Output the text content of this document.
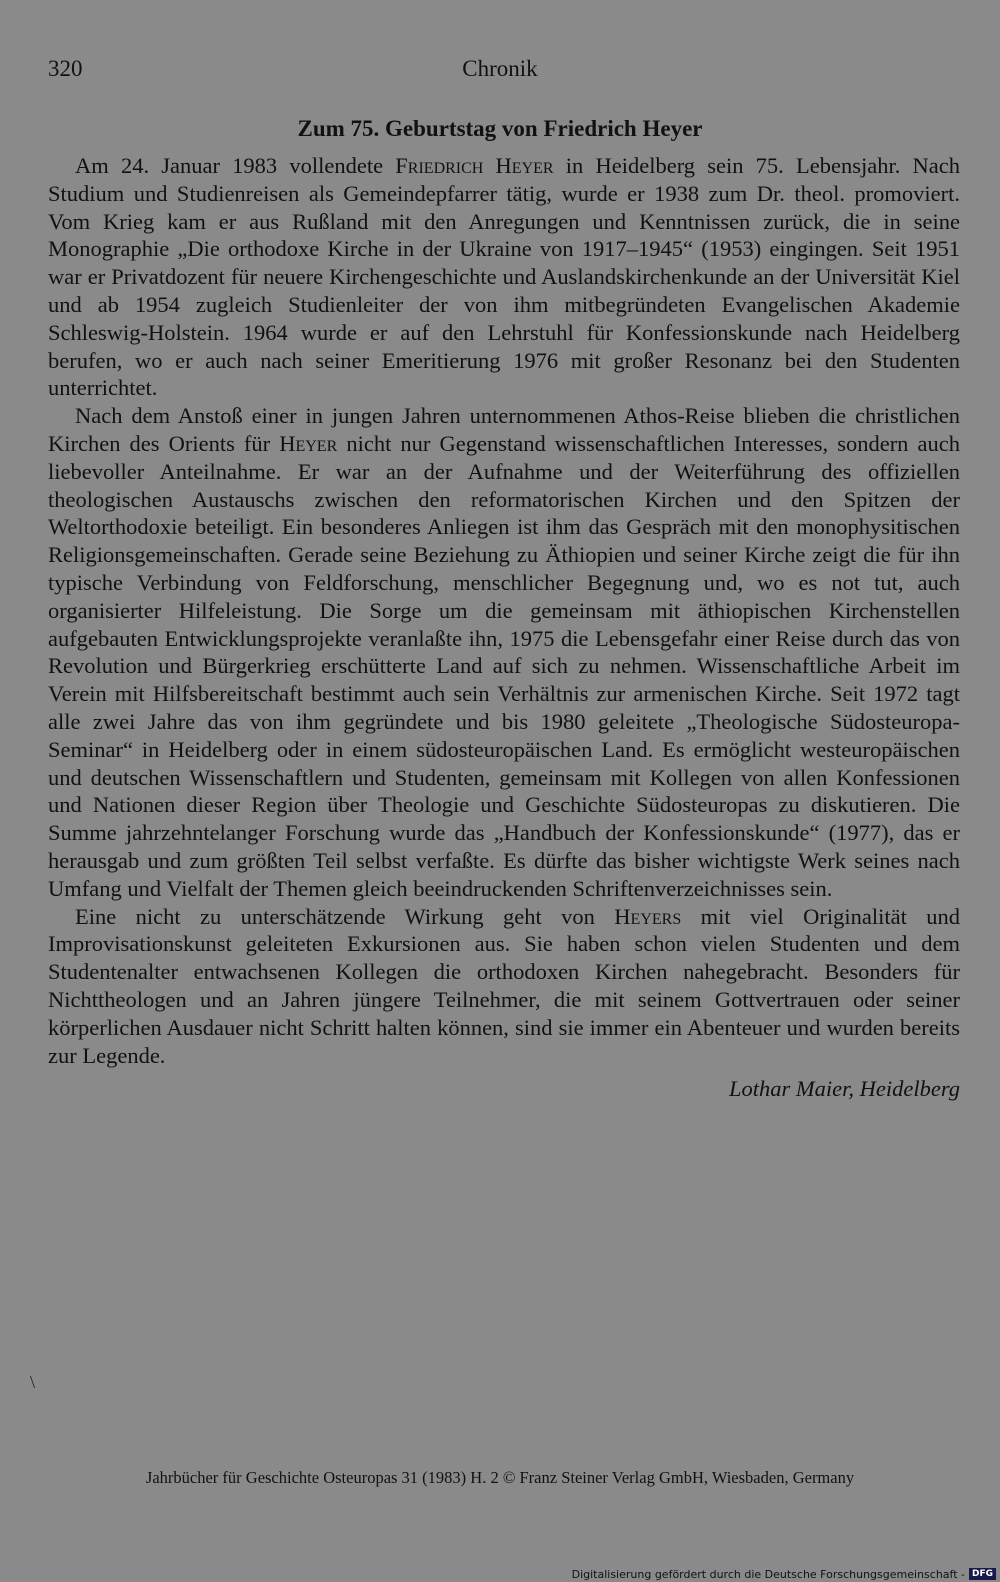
320	Chronik
Zum 75. Geburtstag von Friedrich Heyer

Am 24. Januar 1983 vollendete Friedrich Heyer in Heidelberg sein 75. Lebensjahr. Nach Studium und Studienreisen als Gemeindepfarrer tätig, wurde er 1938 zum Dr. theol. promoviert. Vom Krieg kam er aus Rußland mit den Anregungen und Kenntnissen zurück, die in seine Monographie „Die orthodoxe Kirche in der Ukraine von 1917–1945“ (1953) eingingen. Seit 1951 war er Privatdozent für neuere Kirchengeschichte und Auslandskirchenkunde an der Universität Kiel und ab 1954 zugleich Studienleiter der von ihm mitbegründeten Evangelischen Akademie Schleswig-Holstein. 1964 wurde er auf den Lehrstuhl für Konfessionskunde nach Heidelberg berufen, wo er auch nach seiner Emeritierung 1976 mit großer Resonanz bei den Studenten unterrichtet.

Nach dem Anstoß einer in jungen Jahren unternommenen Athos-Reise blieben die christlichen Kirchen des Orients für Heyer nicht nur Gegenstand wissenschaftlichen Interesses, sondern auch liebevoller Anteilnahme. Er war an der Aufnahme und der Weiterführung des offiziellen theologischen Austauschs zwischen den reformatorischen Kirchen und den Spitzen der Weltorthodoxie beteiligt. Ein besonderes Anliegen ist ihm das Gespräch mit den monophysitischen Religionsgemeinschaften. Gerade seine Beziehung zu Äthiopien und seiner Kirche zeigt die für ihn typische Verbindung von Feldforschung, menschlicher Begegnung und, wo es not tut, auch organisierter Hilfeleistung. Die Sorge um die gemeinsam mit äthiopischen Kirchenstellen aufgebauten Entwicklungsprojekte veranlaßte ihn, 1975 die Lebensgefahr einer Reise durch das von Revolution und Bürgerkrieg erschütterte Land auf sich zu nehmen. Wissenschaftliche Arbeit im Verein mit Hilfsbereitschaft bestimmt auch sein Verhältnis zur armenischen Kirche. Seit 1972 tagt alle zwei Jahre das von ihm gegründete und bis 1980 geleitete „Theologische Südosteuropa-Seminar“ in Heidelberg oder in einem südosteuropäischen Land. Es ermöglicht westeuropäischen und deutschen Wissenschaftlern und Studenten, gemeinsam mit Kollegen von allen Konfessionen und Nationen dieser Region über Theologie und Geschichte Südosteuropas zu diskutieren. Die Summe jahrzehntelanger Forschung wurde das „Handbuch der Konfessionskunde“ (1977), das er herausgab und zum größten Teil selbst verfaßte. Es dürfte das bisher wichtigste Werk seines nach Umfang und Vielfalt der Themen gleich beeindruckenden Schriftenverzeichnisses sein.

Eine nicht zu unterschätzende Wirkung geht von Heyers mit viel Originalität und Improvisationskunst geleiteten Exkursionen aus. Sie haben schon vielen Studenten und dem Studentenalter entwachsenen Kollegen die orthodoxen Kirchen nahegebracht. Besonders für Nichttheologen und an Jahren jüngere Teilnehmer, die mit seinem Gottvertrauen oder seiner körperlichen Ausdauer nicht Schritt halten können, sind sie immer ein Abenteuer und wurden bereits zur Legende.

Lothar Maier, Heidelberg
\
Jahrbücher für Geschichte Osteuropas 31 (1983) H. 2 © Franz Steiner Verlag GmbH, Wiesbaden, Germany
Digitalisierung gefördert durch die Deutsche Forschungsgemeinschaft - DFG
